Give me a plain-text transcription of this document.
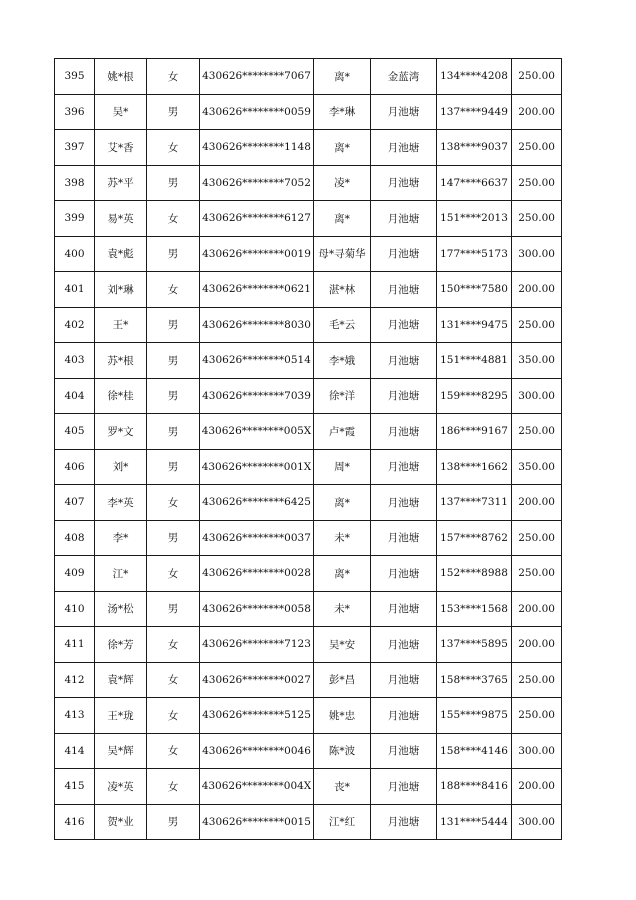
395	姚*根	女	430626********7067	离*	金蓝湾	134****4208	250.00
396	吴*	男	430626********0059	李*琳	月池塘	137****9449	200.00
397	艾*香	女	430626********1148	离*	月池塘	138****9037	250.00
398	苏*平	男	430626********7052	凌*	月池塘	147****6637	250.00
399	易*英	女	430626********6127	离*	月池塘	151****2013	250.00
400	袁*彪	男	430626********0019	母*寻菊华	月池塘	177****5173	300.00
401	刘*琳	女	430626********0621	湛*林	月池塘	150****7580	200.00
402	王*	男	430626********8030	毛*云	月池塘	131****9475	250.00
403	苏*根	男	430626********0514	李*娥	月池塘	151****4881	350.00
404	徐*桂	男	430626********7039	徐*洋	月池塘	159****8295	300.00
405	罗*文	男	430626********005X	卢*霞	月池塘	186****9167	250.00
406	刘*	男	430626********001X	周*	月池塘	138****1662	350.00
407	李*英	女	430626********6425	离*	月池塘	137****7311	200.00
408	李*	男	430626********0037	未*	月池塘	157****8762	250.00
409	江*	女	430626********0028	离*	月池塘	152****8988	250.00
410	汤*松	男	430626********0058	未*	月池塘	153****1568	200.00
411	徐*芳	女	430626********7123	吴*安	月池塘	137****5895	200.00
412	袁*辉	女	430626********0027	彭*昌	月池塘	158****3765	250.00
413	王*珑	女	430626********5125	姚*忠	月池塘	155****9875	250.00
414	吴*辉	女	430626********0046	陈*波	月池塘	158****4146	300.00
415	凌*英	女	430626********004X	丧*	月池塘	188****8416	200.00
416	贺*业	男	430626********0015	江*红	月池塘	131****5444	300.00
